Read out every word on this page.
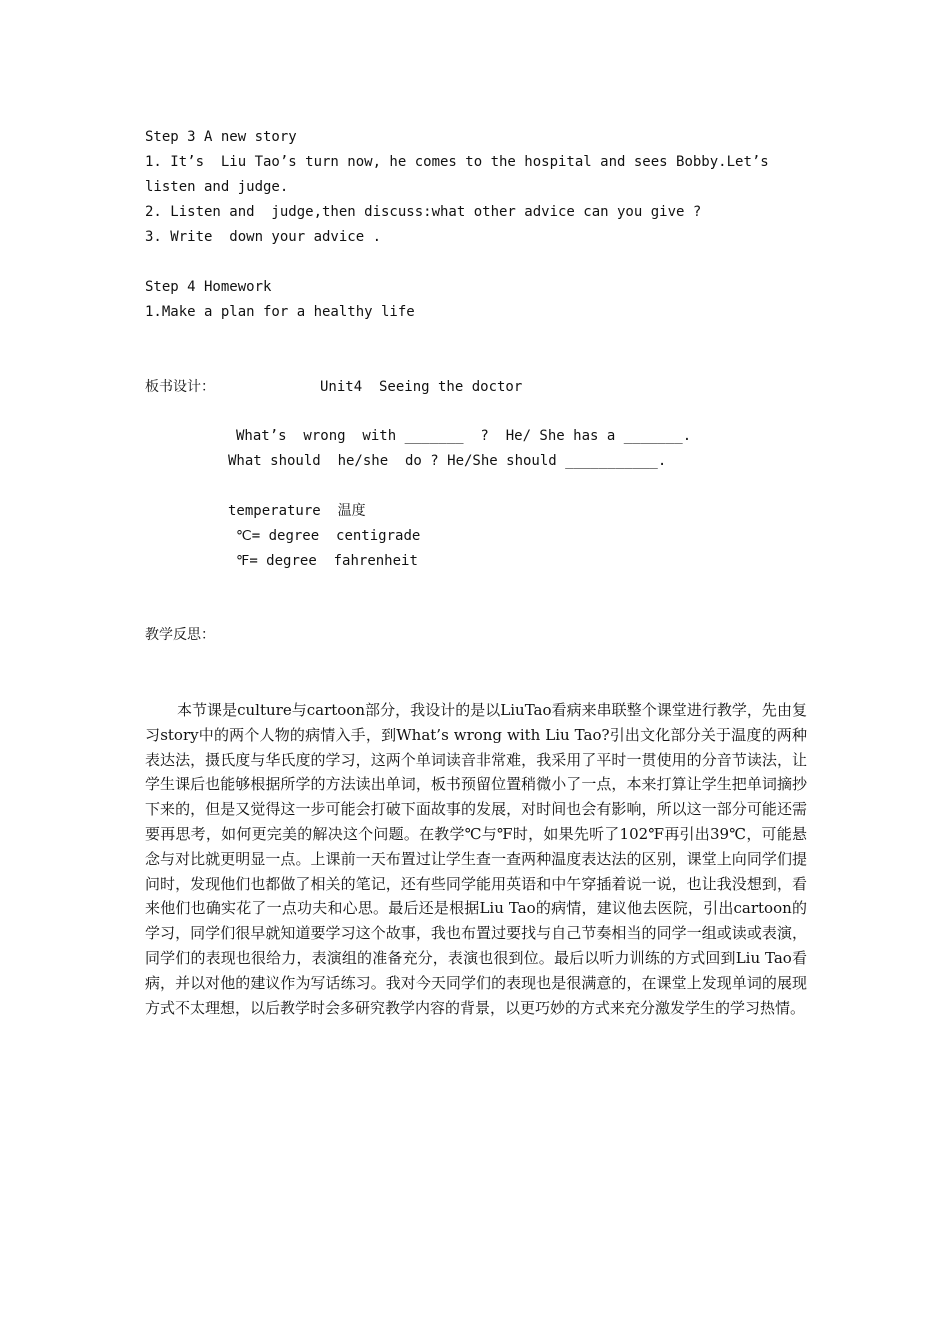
Step 3 A new story
1. It’s  Liu Tao’s turn now, he comes to the hospital and sees Bobby.Let’s
listen and judge.
2. Listen and  judge,then discuss:what other advice can you give ?
3. Write  down your advice .
Step 4 Homework
1.Make a plan for a healthy life
板书设计：	Unit4  Seeing the doctor
What’s  wrong  with _______  ?  He/ She has a _______.
What should  he/she  do ? He/She should ___________.
temperature  温度
℃= degree  centigrade
℉= degree  fahrenheit
教学反思：
本节课是culture与cartoon部分，我设计的是以LiuTao看病来串联整个课堂进行教学，先由复习story中的两个人物的病情入手，到What’s wrong with Liu Tao?引出文化部分关于温度的两种表达法，摄氏度与华氏度的学习，这两个单词读音非常难，我采用了平时一贯使用的分音节读法，让学生课后也能够根据所学的方法读出单词，板书预留位置稍微小了一点，本来打算让学生把单词摘抄下来的，但是又觉得这一步可能会打破下面故事的发展，对时间也会有影响，所以这一部分可能还需要再思考，如何更完美的解决这个问题。在教学℃与℉时，如果先听了102℉再引出39℃，可能悬念与对比就更明显一点。上课前一天布置过让学生查一查两种温度表达法的区别，课堂上向同学们提问时，发现他们也都做了相关的笔记，还有些同学能用英语和中午穿插着说一说，也让我没想到，看来他们也确实花了一点功夫和心思。最后还是根据Liu Tao的病情，建议他去医院，引出cartoon的学习，同学们很早就知道要学习这个故事，我也布置过要找与自己节奏相当的同学一组或读或表演，同学们的表现也很给力，表演组的准备充分，表演也很到位。最后以听力训练的方式回到Liu Tao看病，并以对他的建议作为写话练习。我对今天同学们的表现也是很满意的，在课堂上发现单词的展现方式不太理想，以后教学时会多研究教学内容的背景，以更巧妙的方式来充分激发学生的学习热情。
